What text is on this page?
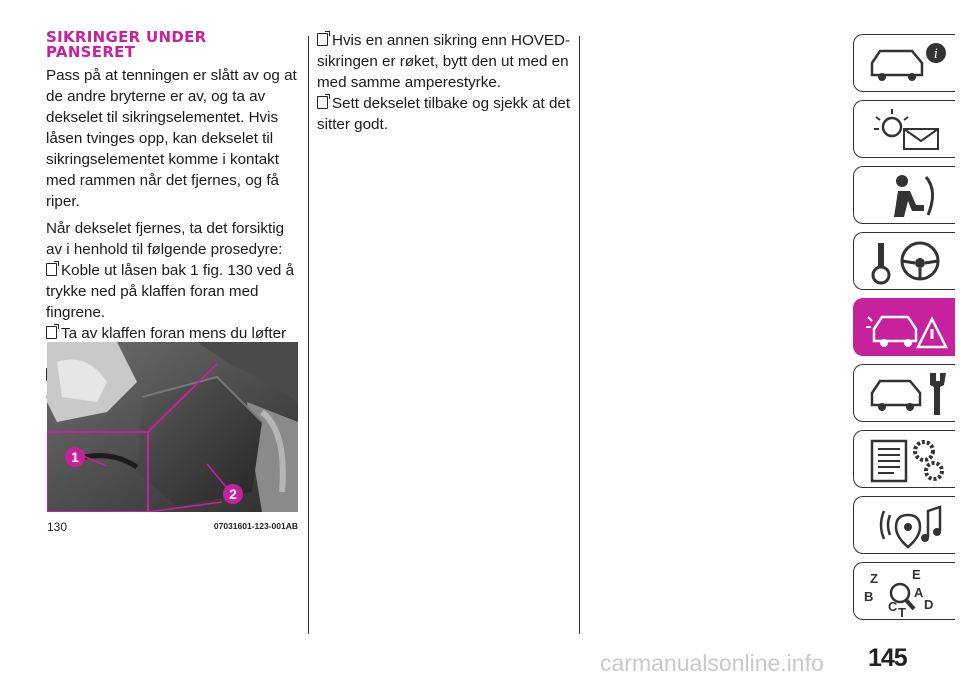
SIKRINGER UNDER
PANSERET

Pass på at tenningen er slått av og at de andre bryterne er av, og ta av dekselet til sikringselementet. Hvis låsen tvinges opp, kan dekselet til sikringselementet komme i kontakt med rammen når det fjernes, og få riper.

Når dekselet fjernes, ta det forsiktig av i henhold til følgende prosedyre:

Koble ut låsen bak 1 fig. 130 ved å trykke ned på klaffen foran med fingrene.
Ta av klaffen foran mens du løfter
Hvis en annen sikring enn HOVED-sikringen er røket, bytt den ut med en med samme amperestyrke.
Sett dekselet tilbake og sjekk at det sitter godt.
1
2
130	07031601-123-001AB
i
Z	E
B	A
C D
T
carmanualsonline.info 145
